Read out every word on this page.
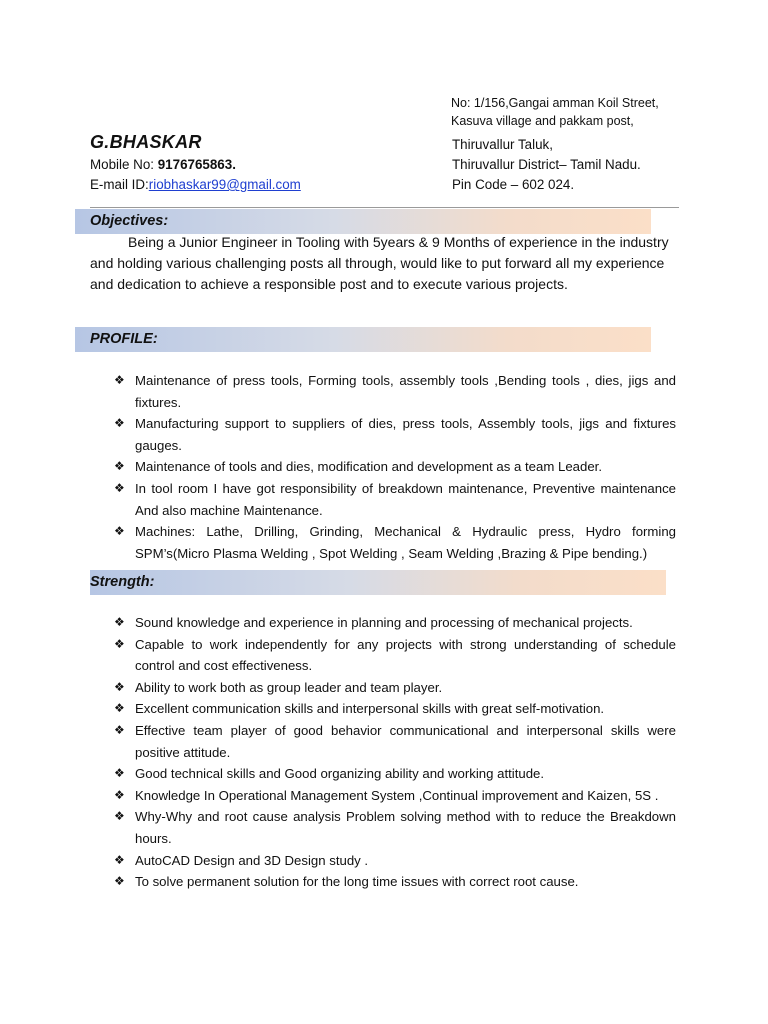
No: 1/156,Gangai amman Koil Street,
Kasuva village and pakkam post,
G.BHASKAR
Mobile No: 9176765863.
E-mail ID:riobhaskar99@gmail.com
Thiruvallur Taluk,
Thiruvallur District– Tamil Nadu.
Pin Code – 602 024.
Objectives:
Being a Junior Engineer in Tooling with 5years & 9 Months of experience in the industry and holding various challenging posts all through, would like to put forward all my experience and dedication to achieve a responsible post and to execute various projects.
PROFILE:
❖ Maintenance of press tools, Forming tools, assembly tools ,Bending tools , dies, jigs and fixtures.
❖ Manufacturing support to suppliers of dies, press tools, Assembly tools, jigs and fixtures gauges.
❖ Maintenance of tools and dies, modification and development as a team Leader.
❖ In tool room I have got responsibility of breakdown maintenance, Preventive maintenance And also machine Maintenance.
❖ Machines: Lathe, Drilling, Grinding, Mechanical & Hydraulic press, Hydro forming SPM’s(Micro Plasma Welding , Spot Welding , Seam Welding ,Brazing & Pipe bending.)
Strength:
❖ Sound knowledge and experience in planning and processing of mechanical projects.
❖ Capable to work independently for any projects with strong understanding of schedule control and cost effectiveness.
❖ Ability to work both as group leader and team player.
❖ Excellent communication skills and interpersonal skills with great self-motivation.
❖ Effective team player of good behavior communicational and interpersonal skills were positive attitude.
❖ Good technical skills and Good organizing ability and working attitude.
❖ Knowledge In Operational Management System ,Continual improvement and Kaizen, 5S .
❖ Why-Why and root cause analysis Problem solving method with to reduce the Breakdown hours.
❖ AutoCAD Design and 3D Design study .
❖ To solve permanent solution for the long time issues with correct root cause.
